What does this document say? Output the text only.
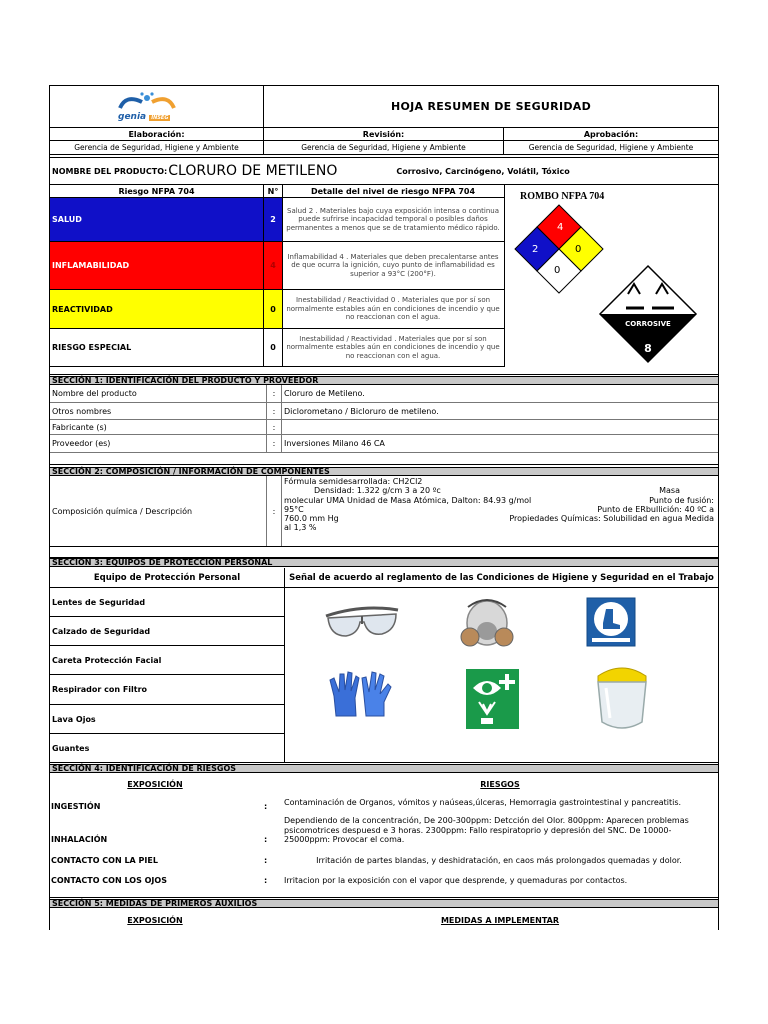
genia INSEG
HOJA RESUMEN DE SEGURIDAD
Elaboración:	Revisión:	Aprobación:
Gerencia de Seguridad, Higiene y Ambiente	Gerencia de Seguridad, Higiene y Ambiente	Gerencia de Seguridad, Higiene y Ambiente
NOMBRE DEL PRODUCTO: CLORURO DE METILENO	Corrosivo, Carcinógeno, Volátil, Tóxico
Riesgo NFPA 704	N°	Detalle del nivel de riesgo NFPA 704
SALUD	2
Salud 2 . Materiales bajo cuya exposición intensa o continua puede sufrirse incapacidad temporal o posibles daños permanentes a menos que se de tratamiento médico rápido.
INFLAMABILIDAD	4
Inflamabilidad 4 . Materiales que deben precalentarse antes de que ocurra la ignición, cuyo punto de inflamabilidad es superior a 93°C (200°F).
REACTIVIDAD	0
Inestabilidad / Reactividad 0 . Materiales que por sí son normalmente estables aún en condiciones de incendio y que no reaccionan con el agua.
RIESGO ESPECIAL	0
Inestabilidad / Reactividad . Materiales que por sí son normalmente estables aún en condiciones de incendio y que no reaccionan con el agua.
ROMBO NFPA 704
4
2	0
0
CORROSIVE
8
SECCIÓN 1: IDENTIFICACIÓN DEL PRODUCTO Y PROVEEDOR
Nombre del producto	:	Cloruro de Metileno.
Otros nombres	:	Diclorometano / Bicloruro de metileno.
Fabricante (s)	:
Proveedor (es)	:	Inversiones Milano 46 CA
SECCIÓN 2: COMPOSICIÓN / INFORMACIÓN DE COMPONENTES
Composición química / Descripción	:
Fórmula semidesarrollada: CH2Cl2
Densidad: 1.322 g/cm 3 a 20 ºc	Masa
molecular UMA Unidad de Masa Atómica, Dalton: 84.93 g/mol	Punto de fusión:
95°C	Punto de ERbullición: 40 ºC a
760.0 mm Hg	Propiedades Químicas: Solubilidad en agua Medida
al 1,3 %
SECCIÓN 3: EQUIPOS DE PROTECCIÓN PERSONAL
Equipo de Protección Personal	Señal de acuerdo al reglamento de las Condiciones de Higiene y Seguridad en el Trabajo
Lentes de Seguridad
Calzado de Seguridad
Careta Protección Facial
Respirador con Filtro
Lava Ojos
Guantes
SECCIÓN 4: IDENTIFICACIÓN DE RIESGOS
EXPOSICIÓN	RIESGOS
INGESTIÓN	: Contaminación de Organos, vómitos y naúseas,úlceras, Hemorragia gastrointestinal y pancreatitis.
INHALACIÓN	:
Dependiendo de la concentración, De 200-300ppm: Detcción del Olor. 800ppm: Aparecen problemas psicomotrices despuesd e 3 horas. 2300ppm: Fallo respiratoprio y depresión del SNC. De 10000-25000ppm: Provocar el coma.
CONTACTO CON LA PIEL	:	Irritación de partes blandas, y deshidratación, en caos más prolongados quemadas y dolor.
CONTACTO CON LOS OJOS	: Irritacion por la exposición con el vapor que desprende, y quemaduras por contactos.
SECCIÓN 5: MEDIDAS DE PRIMEROS AUXILIOS
EXPOSICIÓN	MEDIDAS A IMPLEMENTAR
